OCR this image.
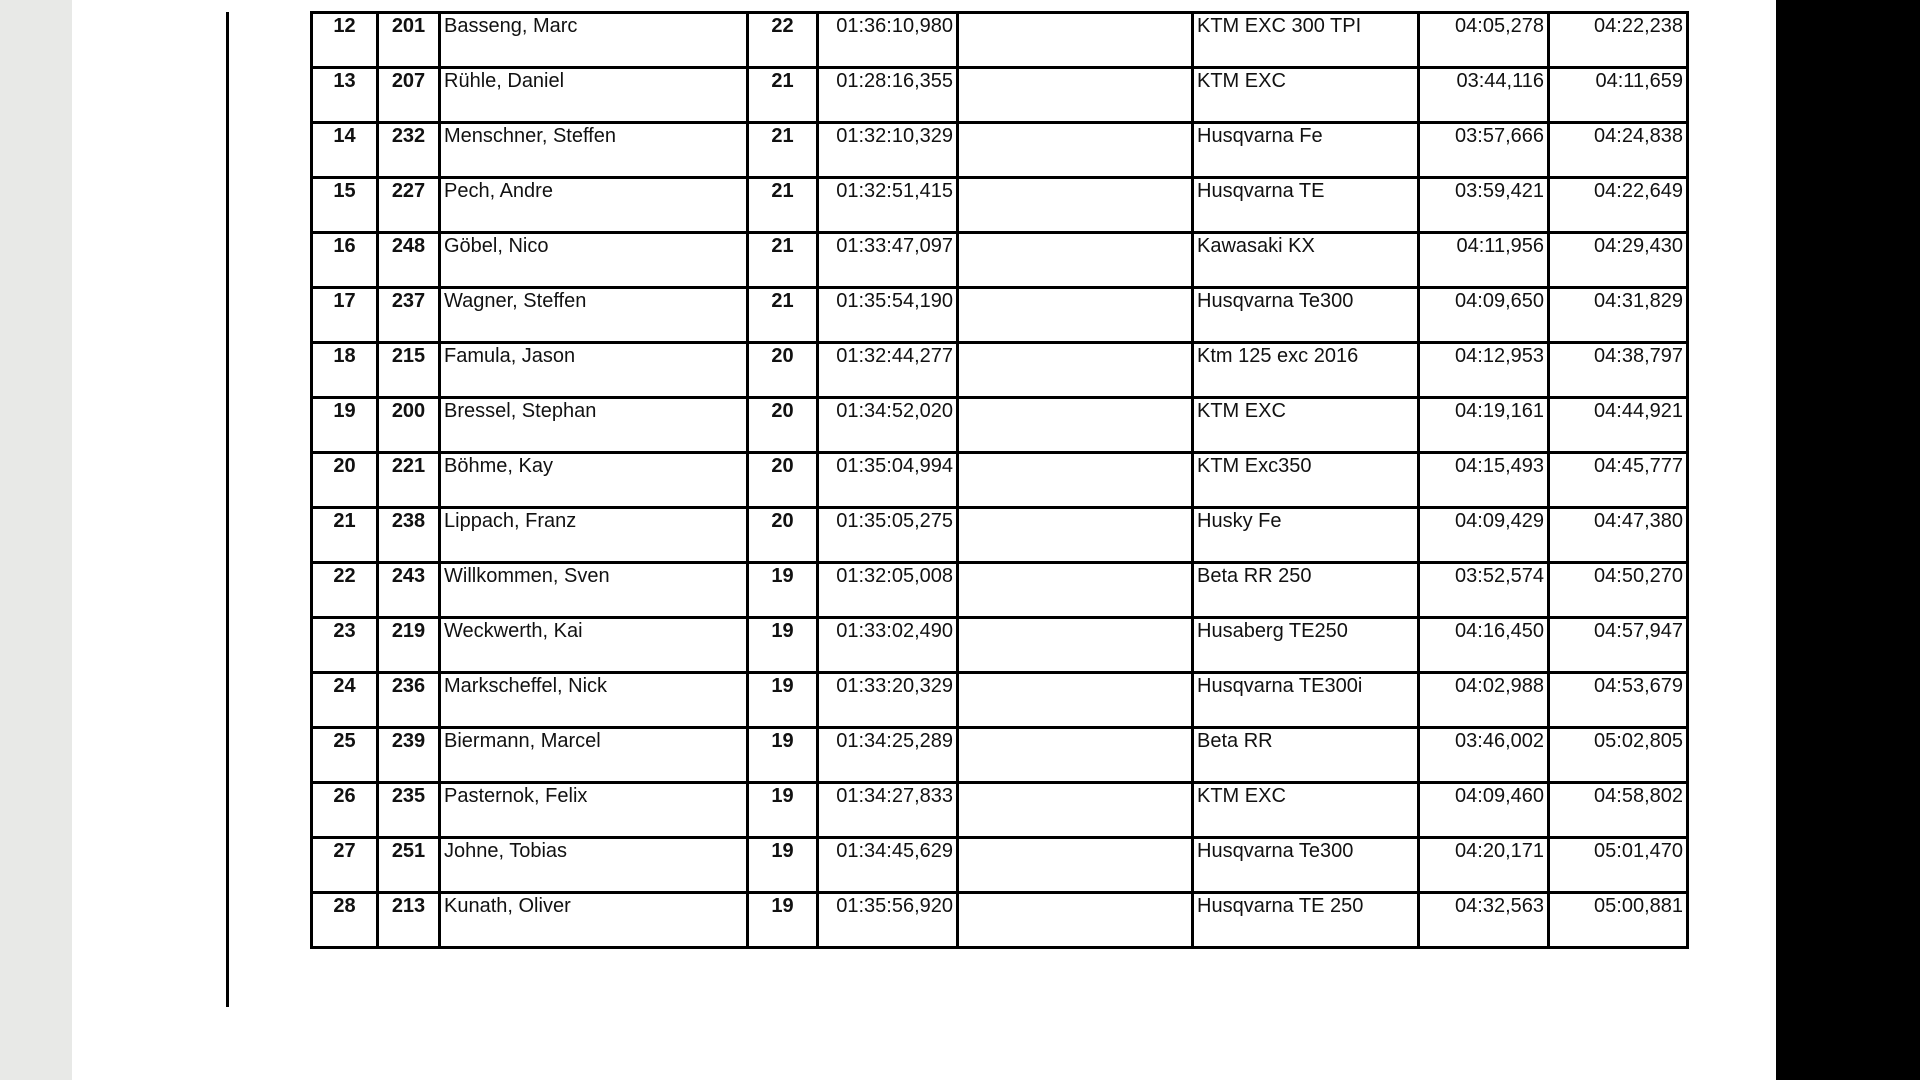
12	201	Basseng, Marc	22	01:36:10,980		KTM EXC 300 TPI	04:05,278	04:22,238
13	207	Rühle, Daniel	21	01:28:16,355		KTM EXC	03:44,116	04:11,659
14	232	Menschner, Steffen	21	01:32:10,329		Husqvarna Fe	03:57,666	04:24,838
15	227	Pech, Andre	21	01:32:51,415		Husqvarna TE	03:59,421	04:22,649
16	248	Göbel, Nico	21	01:33:47,097		Kawasaki KX	04:11,956	04:29,430
17	237	Wagner, Steffen	21	01:35:54,190		Husqvarna Te300	04:09,650	04:31,829
18	215	Famula, Jason	20	01:32:44,277		Ktm 125 exc 2016	04:12,953	04:38,797
19	200	Bressel, Stephan	20	01:34:52,020		KTM EXC	04:19,161	04:44,921
20	221	Böhme, Kay	20	01:35:04,994		KTM Exc350	04:15,493	04:45,777
21	238	Lippach, Franz	20	01:35:05,275		Husky Fe	04:09,429	04:47,380
22	243	Willkommen, Sven	19	01:32:05,008		Beta RR 250	03:52,574	04:50,270
23	219	Weckwerth, Kai	19	01:33:02,490		Husaberg TE250	04:16,450	04:57,947
24	236	Markscheffel, Nick	19	01:33:20,329		Husqvarna TE300i	04:02,988	04:53,679
25	239	Biermann, Marcel	19	01:34:25,289		Beta RR	03:46,002	05:02,805
26	235	Pasternok, Felix	19	01:34:27,833		KTM EXC	04:09,460	04:58,802
27	251	Johne, Tobias	19	01:34:45,629		Husqvarna Te300	04:20,171	05:01,470
28	213	Kunath, Oliver	19	01:35:56,920		Husqvarna TE 250	04:32,563	05:00,881
